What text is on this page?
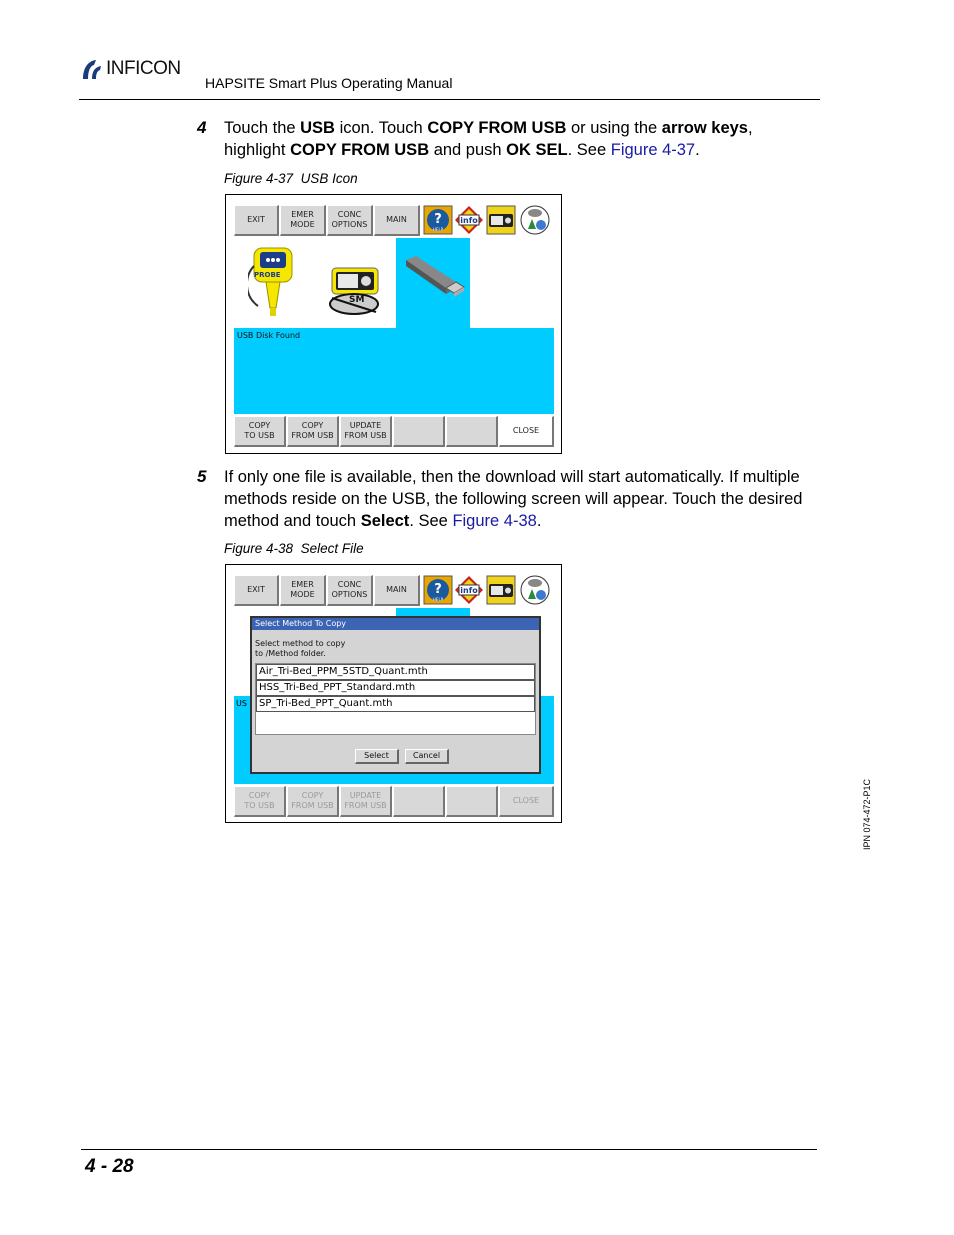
INFICON
HAPSITE Smart Plus Operating Manual
4 Touch the USB icon. Touch COPY FROM USB or using the arrow keys,
highlight COPY FROM USB and push OK SEL. See Figure 4-37.
Figure 4-37 USB Icon
EXIT
EMER
MODE
CONC
OPTIONS
MAIN ?
HELP
info
PROBE
SM
USB Disk Found
COPY
TO USB
COPY
FROM USB
UPDATE
FROM USB
CLOSE
5 If only one file is available, then the download will start automatically. If multiple
methods reside on the USB, the following screen will appear. Touch the desired
method and touch Select. See Figure 4-38.
Figure 4-38 Select File
EXIT
EMER
MODE
CONC
OPTIONS
MAIN ?
HELP
info
US
Select Method To Copy
Select method to copy
to /Method folder.
Air_Tri-Bed_PPM_5STD_Quant.mth
HSS_Tri-Bed_PPT_Standard.mth
SP_Tri-Bed_PPT_Quant.mth
Select	Cancel
COPY
TO USB
COPY
FROM USB
UPDATE
FROM USB
CLOSE	IPN 074-472-P1C
4 - 28
